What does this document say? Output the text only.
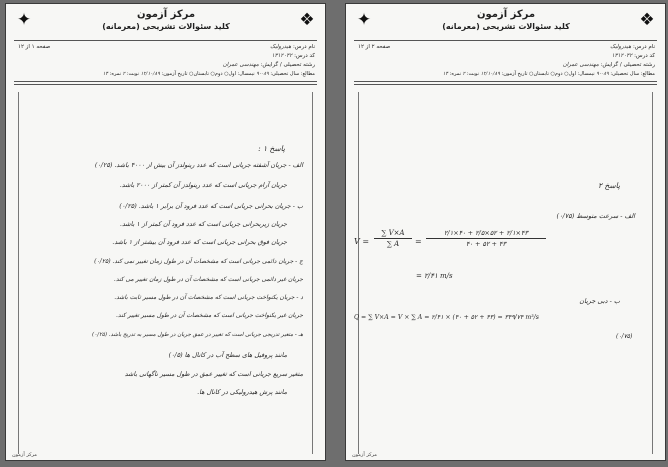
✦	❖
مرکز آزمون
کلید سئوالات تشریحی (معرمانه)
نام درس: هیدرولیک
صفحه ۱ از ۱۲
کد درس: ۱۳۱۲۰۴۲
رشته تحصیلی / گرایش: مهندسی عمران
مطالع: سال تحصیلی: ۸۹-۹۰ نیمسال: اول○ دوم○ تابستان○ تاریخ آزمون: ۱۲/۱۰/۸۹ نوبت: ۲ نمره: ۱۴
پاسخ ۱ :
الف - جریان آشفته جریانی است که عدد رینولدز آن بیش از ۴۰۰۰ باشد. (۰/۲۵)
جریان آرام جریانی است که عدد رینولدز آن کمتر از ۲۰۰۰ باشد.
ب - جریان بحرانی جریانی است که عدد فرود آن برابر ۱ باشد. (۰/۲۵)
جریان زیربحرانی جریانی است که عدد فرود آن کمتر از ۱ باشد.
جریان فوق بحرانی جریانی است که عدد فرود آن بیشتر از ۱ باشد.
ج - جریان دائمی جریانی است که مشخصات آن در طول زمان تغییر نمی کند. (۰/۲۵)
جریان غیر دائمی جریانی است که مشخصات آن در طول زمان تغییر می کند.
د - جریان یکنواخت جریانی است که مشخصات آن در طول مسیر ثابت باشد.
جریان غیر یکنواخت جریانی است که مشخصات آن در طول مسیر تغییر کند.
هـ - متغیر تدریجی جریانی است که تغییر در عمق جریان در طول مسیر به تدریج باشد. (۰/۲۵)
مانند پروفیل های سطح آب در کانال ها (۰/۵)
متغیر سریع جریانی است که تغییر عمق در طول مسیر ناگهانی باشد
مانند پرش هیدرولیکی در کانال ها.
مرکز آزمون
✦	❖
مرکز آزمون
کلید سئوالات تشریحی (معرمانه)
نام درس: هیدرولیک
صفحه ۲ از ۱۲
کد درس: ۱۳۱۲۰۴۲
رشته تحصیلی / گرایش: مهندسی عمران
مطالع: سال تحصیلی: ۸۹-۹۰ نیمسال: اول○ دوم○ تابستان○ تاریخ آزمون: ۱۲/۱۰/۸۹ نوبت: ۲ نمره: ۱۴
پاسخ ۲
الف - سرعت متوسط (۰/۷۵)
V =
∑ V×A
∑ A	=
۲/۱×۴۰ + ۲/۵×۵۲ + ۲/۱×۴۳
۴۰ + ۵۲ + ۴۳
= ۲/۴۱ m/s
ب - دبی جریان
Q = ∑ V×A = V × ∑ A = ۲/۴۱ × (۴۰ + ۵۲ + ۴۳) = ۳۴۹/۷۴ m³/s
(۰/۷۵)
مرکز آزمون
